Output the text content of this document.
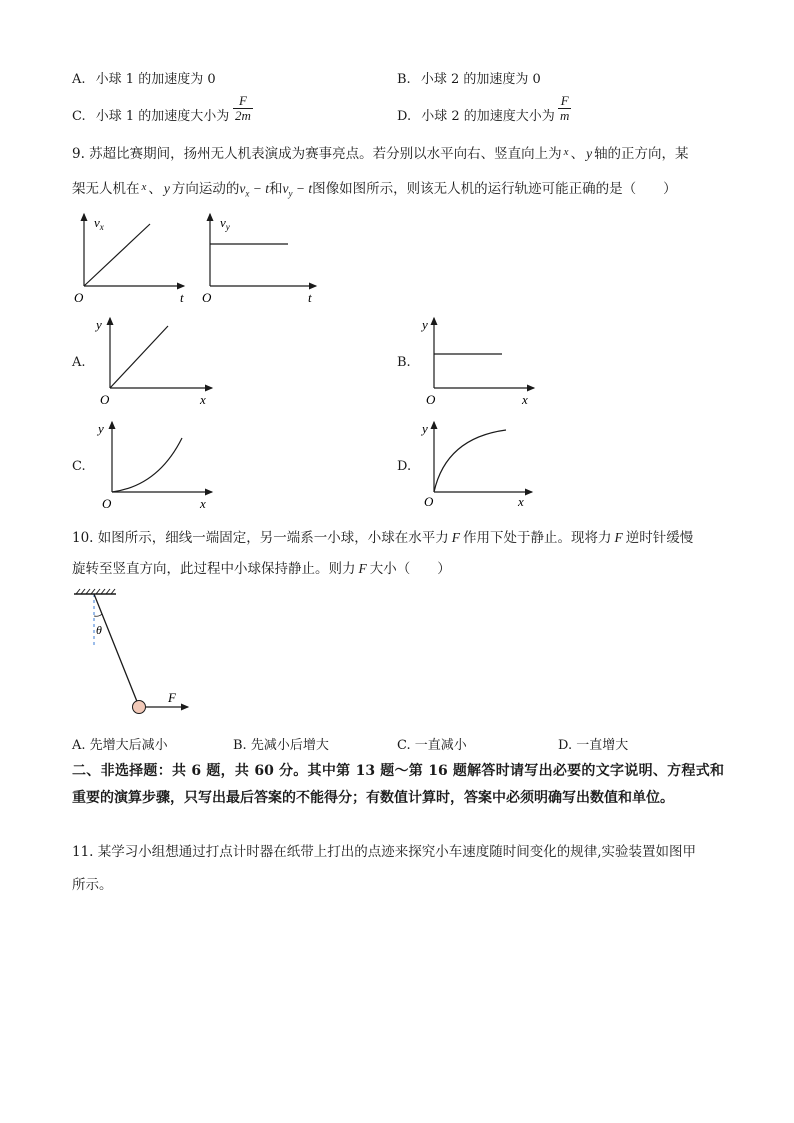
A. 小球 1 的加速度为 0	B. 小球 2 的加速度为 0
C. 小球 1 的加速度大小为 $\frac{F}{2m}$	D. 小球 2 的加速度大小为 $\frac{F}{m}$
9. 苏超比赛期间，扬州无人机表演成为赛事亮点。若分别以水平向右、竖直向上为 $^x$ 、 y 轴的正方向，某
架无人机在 $^x$ 、 y 方向运动的$v_x - t$和$v_y - t$图像如图所示，则该无人机的运行轨迹可能正确的是（　　）
$v_x$
O	t
$v_y$
O	t
A.
y
O	x
B.
y
O	x
C.
y
O	x
D.
y
O	x
10. 如图所示，细线一端固定，另一端系一小球，小球在水平力 F 作用下处于静止。现将力 F 逆时针缓慢
旋转至竖直方向，此过程中小球保持静止。则力 F 大小（　　）
θ
F
A. 先增大后减小	B. 先减小后增大	C. 一直减小	D. 一直增大
二、非选择题：共 6 题，共 60 分。其中第 13 题～第 16 题解答时请写出必要的文字说明、方程式和重要的演算步骤，只写出最后答案的不能得分；有数值计算时，答案中必须明确写出数值和单位。
11. 某学习小组想通过打点计时器在纸带上打出的点迹来探究小车速度随时间变化的规律,实验装置如图甲
所示。
